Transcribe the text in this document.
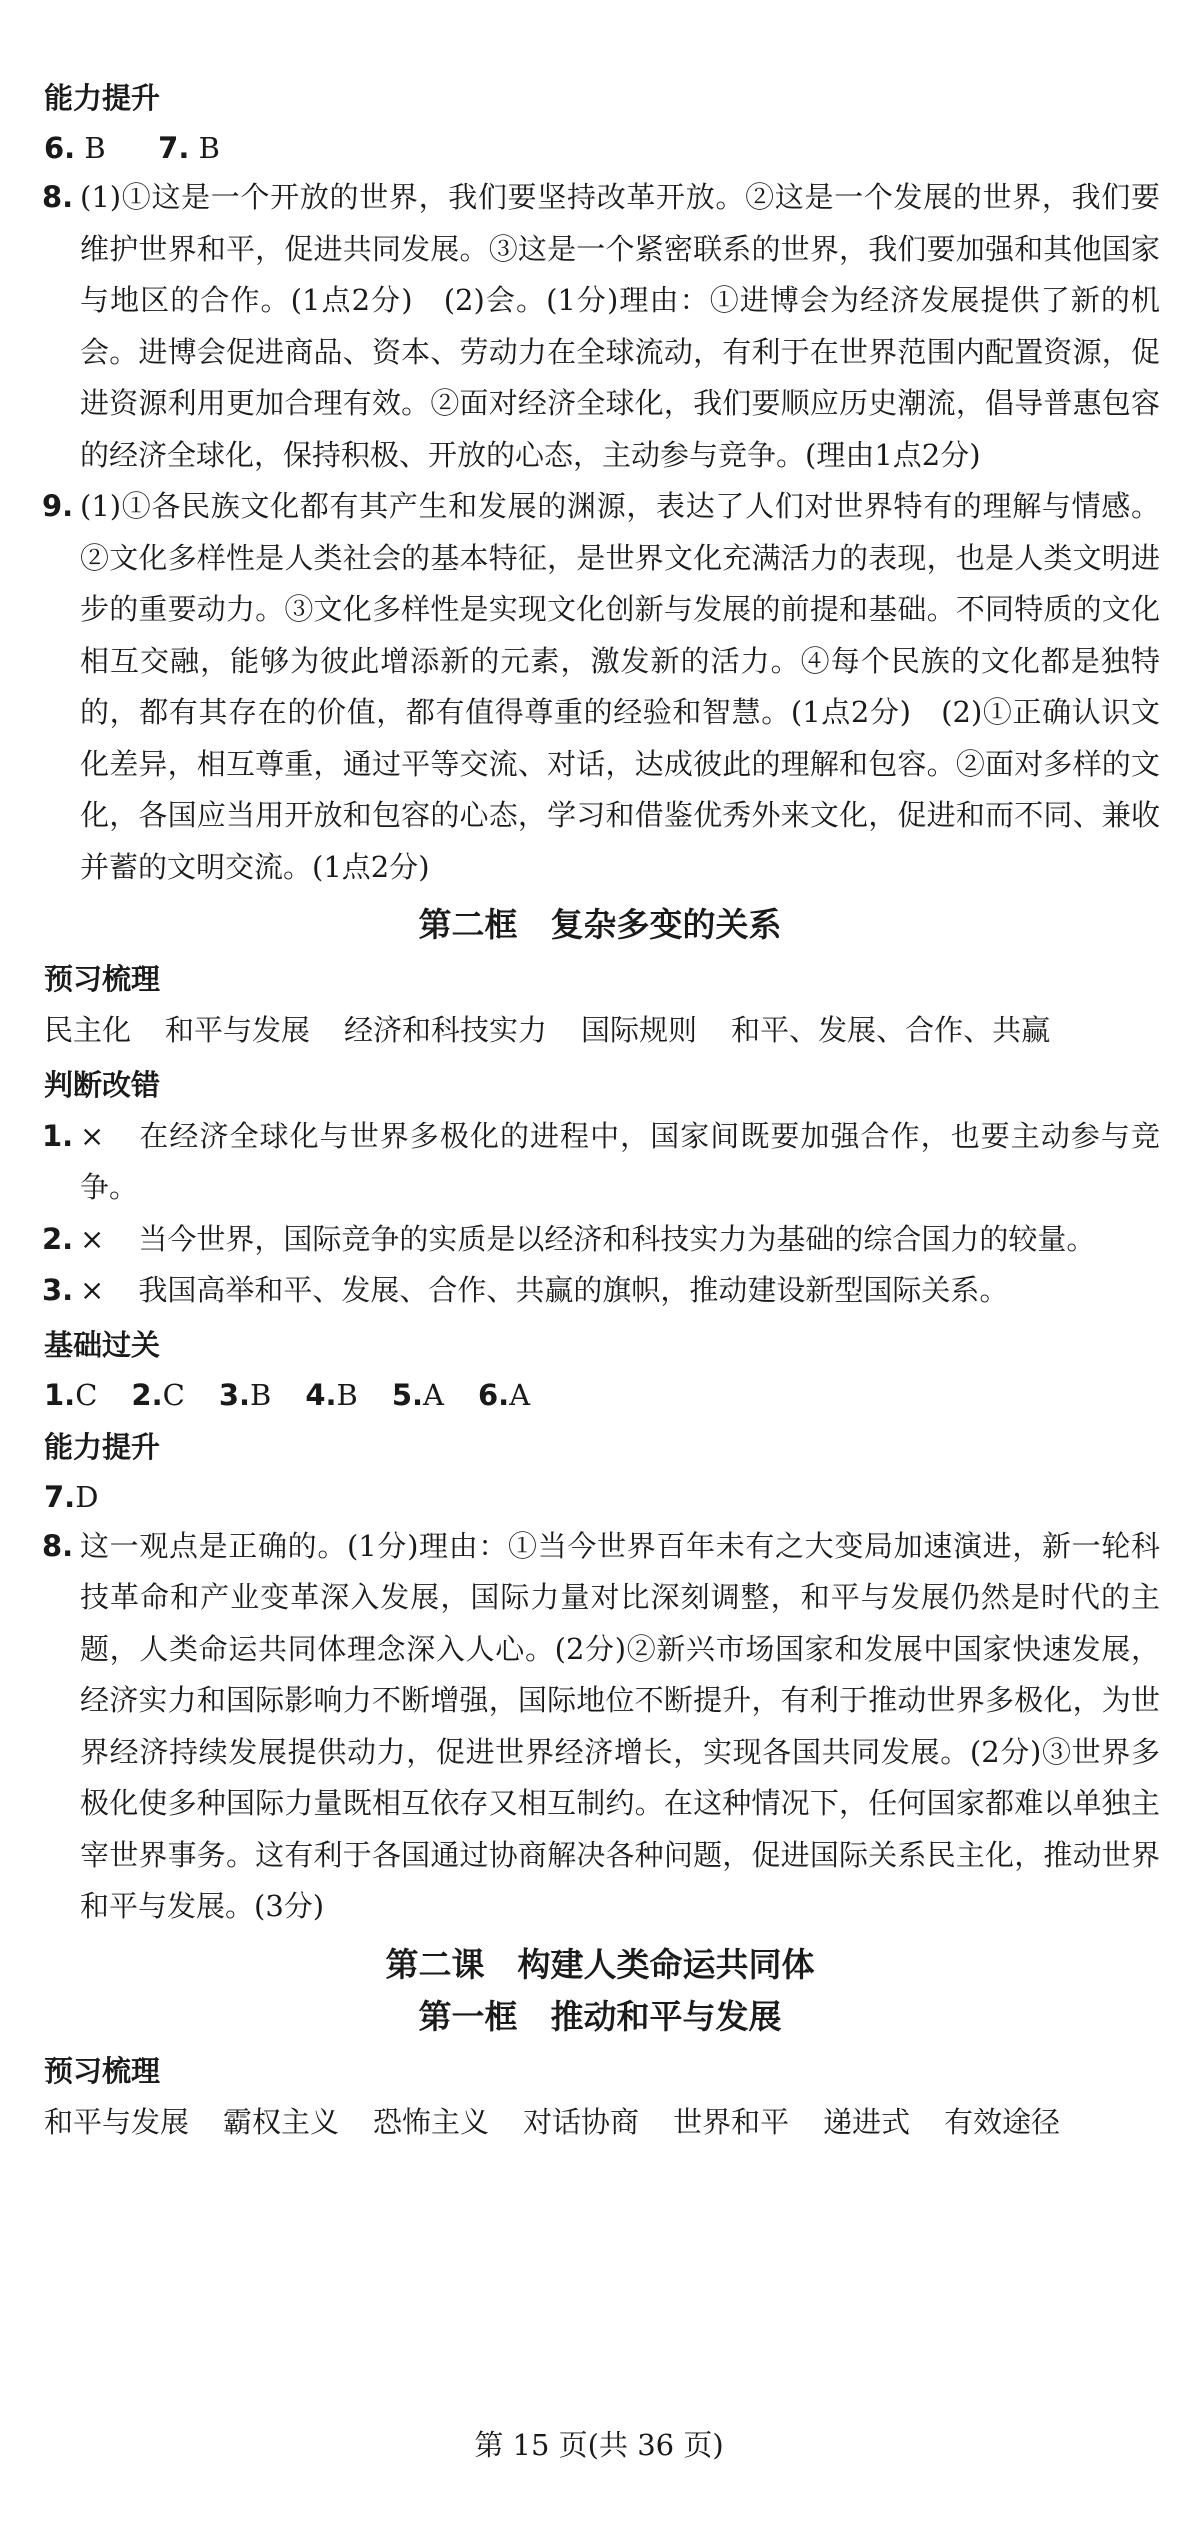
能力提升
6. B 7. B
8. (1)①这是一个开放的世界，我们要坚持改革开放。②这是一个发展的世界，我们要维护世界和平，促进共同发展。③这是一个紧密联系的世界，我们要加强和其他国家与地区的合作。(1点2分)　(2)会。(1分)理由：①进博会为经济发展提供了新的机会。进博会促进商品、资本、劳动力在全球流动，有利于在世界范围内配置资源，促进资源利用更加合理有效。②面对经济全球化，我们要顺应历史潮流，倡导普惠包容的经济全球化，保持积极、开放的心态，主动参与竞争。(理由1点2分)
9. (1)①各民族文化都有其产生和发展的渊源，表达了人们对世界特有的理解与情感。②文化多样性是人类社会的基本特征，是世界文化充满活力的表现，也是人类文明进步的重要动力。③文化多样性是实现文化创新与发展的前提和基础。不同特质的文化相互交融，能够为彼此增添新的元素，激发新的活力。④每个民族的文化都是独特的，都有其存在的价值，都有值得尊重的经验和智慧。(1点2分)　(2)①正确认识文化差异，相互尊重，通过平等交流、对话，达成彼此的理解和包容。②面对多样的文化，各国应当用开放和包容的心态，学习和借鉴优秀外来文化，促进和而不同、兼收并蓄的文明交流。(1点2分)
第二框　复杂多变的关系
预习梳理
民主化 和平与发展 经济和科技实力 国际规则 和平、发展、合作、共赢
判断改错
1. × 在经济全球化与世界多极化的进程中，国家间既要加强合作，也要主动参与竞争。
2. × 当今世界，国际竞争的实质是以经济和科技实力为基础的综合国力的较量。
3. × 我国高举和平、发展、合作、共赢的旗帜，推动建设新型国际关系。
基础过关
1.C 2.C 3.B 4.B 5.A 6.A
能力提升
7.D
8. 这一观点是正确的。(1分)理由：①当今世界百年未有之大变局加速演进，新一轮科技革命和产业变革深入发展，国际力量对比深刻调整，和平与发展仍然是时代的主题，人类命运共同体理念深入人心。(2分)②新兴市场国家和发展中国家快速发展，经济实力和国际影响力不断增强，国际地位不断提升，有利于推动世界多极化，为世界经济持续发展提供动力，促进世界经济增长，实现各国共同发展。(2分)③世界多极化使多种国际力量既相互依存又相互制约。在这种情况下，任何国家都难以单独主宰世界事务。这有利于各国通过协商解决各种问题，促进国际关系民主化，推动世界和平与发展。(3分)
第二课　构建人类命运共同体
第一框　推动和平与发展
预习梳理
和平与发展 霸权主义 恐怖主义 对话协商 世界和平 递进式 有效途径
第 15 页(共 36 页)
